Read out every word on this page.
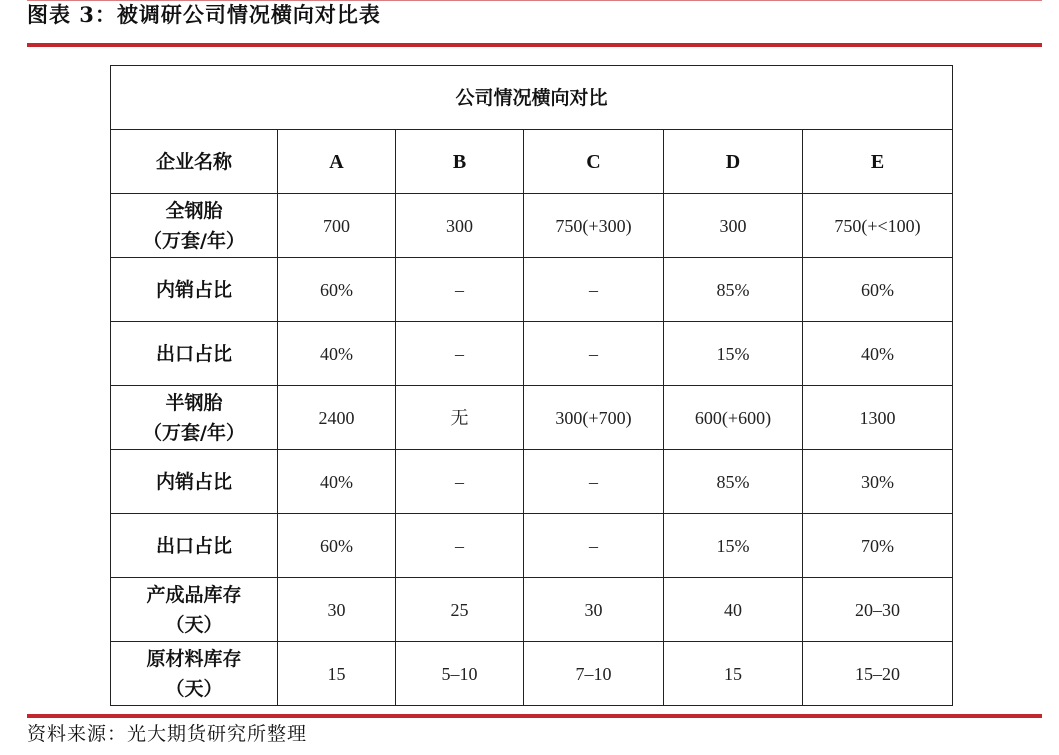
图表 3：被调研公司情况横向对比表
公司情况横向对比					
企业名称	A	B	C	D	E

全钢胎
（万套/年）	700	300	750(+300)	300	750(+<100)

内销占比	60%	–	–	85%	60%

出口占比	40%	–	–	15%	40%

半钢胎
（万套/年）	2400	无	300(+700)	600(+600)	1300

内销占比	40%	–	–	85%	30%

出口占比	60%	–	–	15%	70%

产成品库存
（天）	30	25	30	40	20–30

原材料库存
（天）	15	5–10	7–10	15	15–20
资料来源：光大期货研究所整理
